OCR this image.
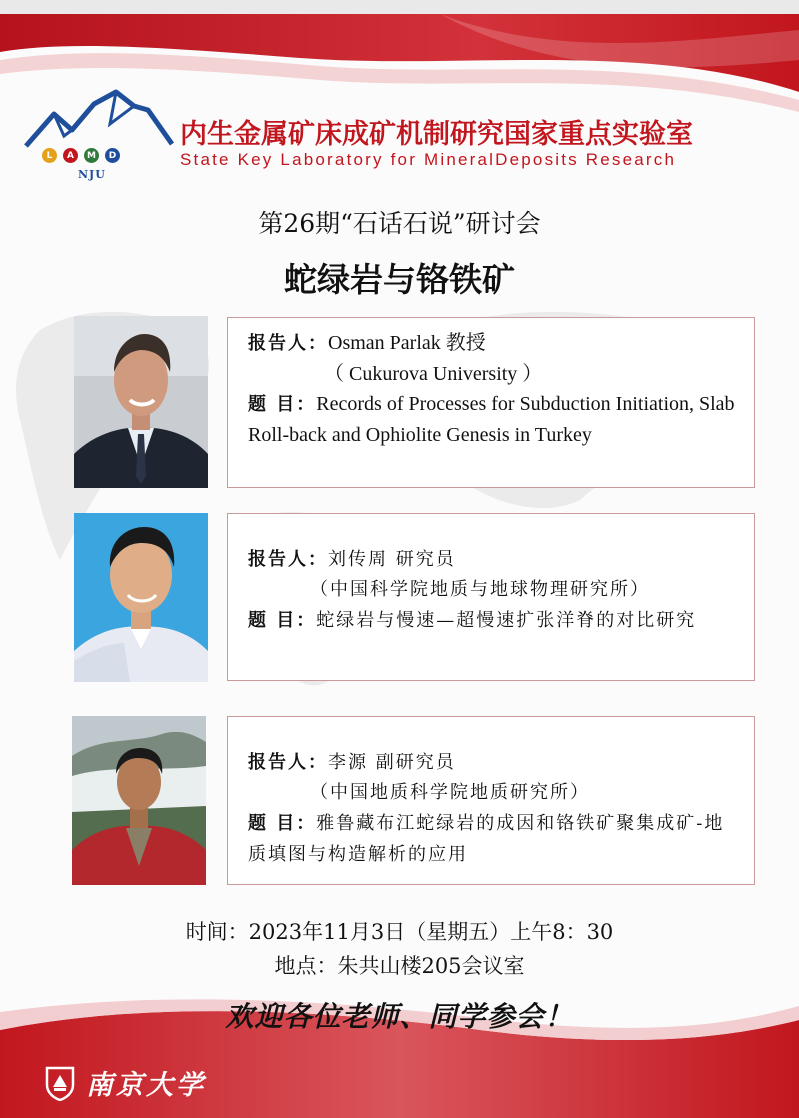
L	A	M	D
NJU
内生金属矿床成矿机制研究国家重点实验室
State Key Laboratory for MineralDeposits Research
第26期“石话石说”研讨会
蛇绿岩与铬铁矿
报告人：Osman Parlak 教授
（ Cukurova University ）
题 目：Records of Processes for Subduction Initiation, Slab Roll-back and Ophiolite Genesis in Turkey
报告人：刘传周 研究员
（中国科学院地质与地球物理研究所）
题 目：蛇绿岩与慢速—超慢速扩张洋脊的对比研究
报告人：李源 副研究员
（中国地质科学院地质研究所）
题 目：雅鲁藏布江蛇绿岩的成因和铬铁矿聚集成矿-地质填图与构造解析的应用
时间：2023年11月3日（星期五）上午8：30
地点：朱共山楼205会议室
欢迎各位老师、同学参会！
南京大学
